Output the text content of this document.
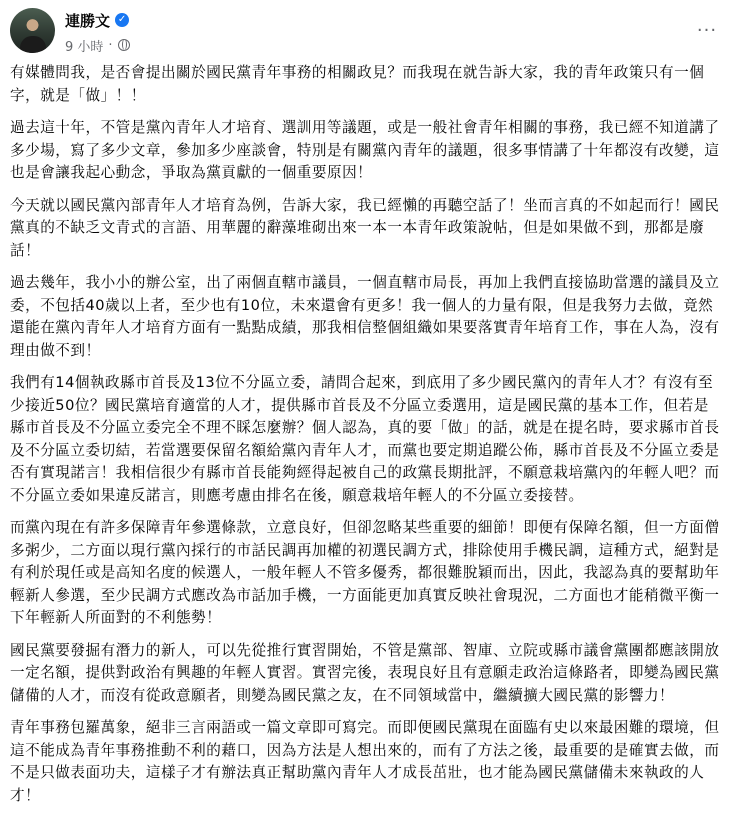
連勝文 ✓
9 小時 ·
···

有媒體問我，是否會提出關於國民黨青年事務的相關政見？而我現在就告訴大家，我的青年政策只有一個字，就是「做」！！

過去這十年，不管是黨內青年人才培育、選訓用等議題，或是一般社會青年相關的事務，我已經不知道講了多少場，寫了多少文章，參加多少座談會，特別是有關黨內青年的議題，很多事情講了十年都沒有改變，這也是會讓我起心動念，爭取為黨貢獻的一個重要原因！

今天就以國民黨內部青年人才培育為例，告訴大家，我已經懶的再聽空話了！坐而言真的不如起而行！國民黨真的不缺乏文青式的言語、用華麗的辭藻堆砌出來一本一本青年政策說帖，但是如果做不到，那都是廢話！

過去幾年，我小小的辦公室，出了兩個直轄市議員，一個直轄市局長，再加上我們直接協助當選的議員及立委，不包括40歲以上者，至少也有10位，未來還會有更多！我一個人的力量有限，但是我努力去做，竟然還能在黨內青年人才培育方面有一點點成績，那我相信整個組織如果要落實青年培育工作，事在人為，沒有理由做不到！

我們有14個執政縣市首長及13位不分區立委，請問合起來，到底用了多少國民黨內的青年人才？有沒有至少接近50位？國民黨培育適當的人才，提供縣市首長及不分區立委選用，這是國民黨的基本工作，但若是縣市首長及不分區立委完全不理不睬怎麼辦？個人認為，真的要「做」的話，就是在提名時，要求縣市首長及不分區立委切結，若當選要保留名額給黨內青年人才，而黨也要定期追蹤公佈，縣市首長及不分區立委是否有實現諾言！我相信很少有縣市首長能夠經得起被自己的政黨長期批評，不願意栽培黨內的年輕人吧？而不分區立委如果違反諾言，則應考慮由排名在後，願意栽培年輕人的不分區立委接替。

而黨內現在有許多保障青年參選條款，立意良好，但卻忽略某些重要的細節！即便有保障名額，但一方面僧多粥少，二方面以現行黨內採行的市話民調再加權的初選民調方式，排除使用手機民調，這種方式，絕對是有利於現任或是高知名度的候選人，一般年輕人不管多優秀，都很難脫穎而出，因此，我認為真的要幫助年輕新人參選，至少民調方式應改為市話加手機，一方面能更加真實反映社會現況，二方面也才能稍微平衡一下年輕新人所面對的不利態勢！

國民黨要發掘有潛力的新人，可以先從推行實習開始，不管是黨部、智庫、立院或縣市議會黨團都應該開放一定名額，提供對政治有興趣的年輕人實習。實習完後，表現良好且有意願走政治這條路者，即變為國民黨儲備的人才，而沒有從政意願者，則變為國民黨之友，在不同領域當中，繼續擴大國民黨的影響力！

青年事務包羅萬象，絕非三言兩語或一篇文章即可寫完。而即便國民黨現在面臨有史以來最困難的環境，但這不能成為青年事務推動不利的藉口，因為方法是人想出來的，而有了方法之後，最重要的是確實去做，而不是只做表面功夫，這樣子才有辦法真正幫助黨內青年人才成長茁壯，也才能為國民黨儲備未來執政的人才！
